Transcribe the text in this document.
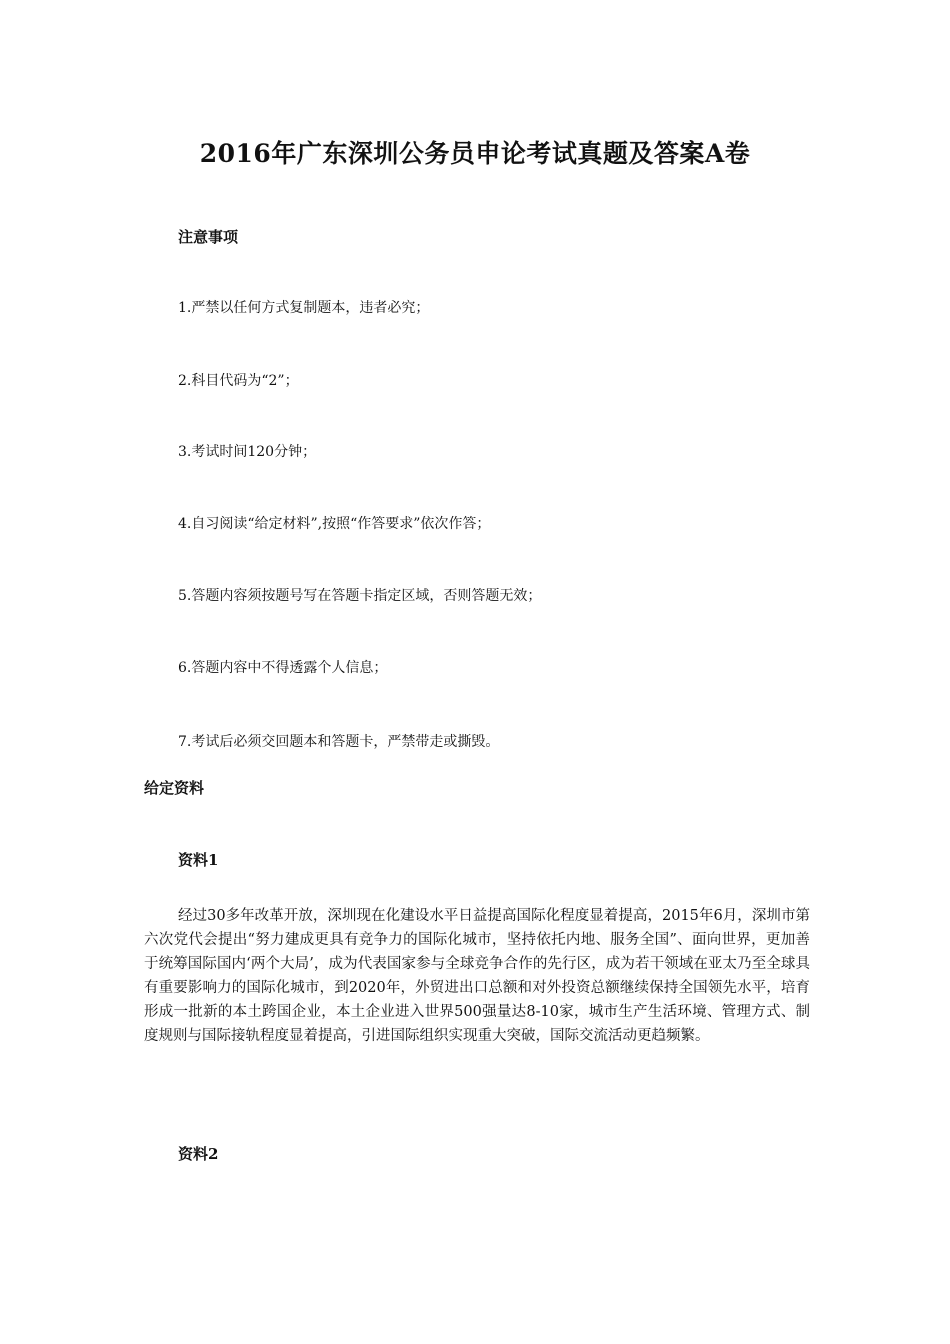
2016年广东深圳公务员申论考试真题及答案A卷
注意事项

1.严禁以任何方式复制题本，违者必究；

2.科目代码为“2”；

3.考试时间120分钟；

4.自习阅读“给定材料”,按照“作答要求”依次作答；

5.答题内容须按题号写在答题卡指定区域，否则答题无效；

6.答题内容中不得透露个人信息；

7.考试后必须交回题本和答题卡，严禁带走或撕毁。

给定资料
资料1

经过30多年改革开放，深圳现在化建设水平日益提高国际化程度显着提高，2015年6月，深圳市第六次党代会提出“努力建成更具有竞争力的国际化城市，坚持依托内地、服务全国”、面向世界，更加善于统筹国际国内‘两个大局’，成为代表国家参与全球竞争合作的先行区，成为若干领域在亚太乃至全球具有重要影响力的国际化城市，到2020年，外贸进出口总额和对外投资总额继续保持全国领先水平，培育形成一批新的本土跨国企业，本土企业进入世界500强量达8-10家，城市生产生活环境、管理方式、制度规则与国际接轨程度显着提高，引进国际组织实现重大突破，国际交流活动更趋频繁。

资料2
